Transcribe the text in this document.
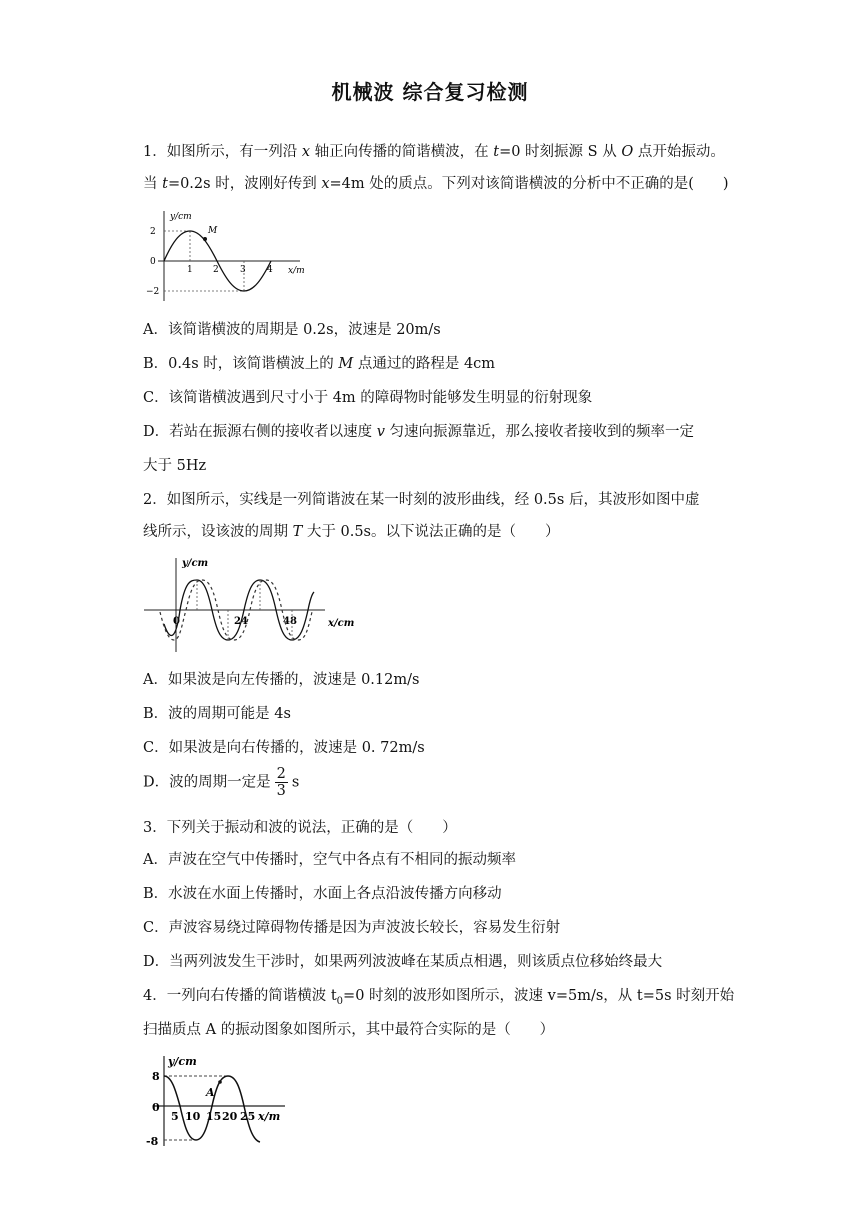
机械波 综合复习检测
1．如图所示，有一列沿 x 轴正向传播的简谐横波，在 t=0 时刻振源 S 从 O 点开始振动。
当 t=0.2s 时，波刚好传到 x=4m 处的质点。下列对该简谐横波的分析中不正确的是(　　)
y/cm
x/m
2
0
−2
1 2 3 4
M
A．该简谐横波的周期是 0.2s，波速是 20m/s
B．0.4s 时，该简谐横波上的 M 点通过的路程是 4cm
C．该简谐横波遇到尺寸小于 4m 的障碍物时能够发生明显的衍射现象
D．若站在振源右侧的接收者以速度 v 匀速向振源靠近，那么接收者接收到的频率一定
大于 5Hz
2．如图所示，实线是一列简谐波在某一时刻的波形曲线，经 0.5s 后，其波形如图中虚
线所示，设该波的周期 T 大于 0.5s。以下说法正确的是（　　）
y/cm
x/cm
0	24	48
A．如果波是向左传播的，波速是 0.12m/s
B．波的周期可能是 4s
C．如果波是向右传播的，波速是 0. 72m/s
D．波的周期一定是 $\frac{2}{3}$ s
3．下列关于振动和波的说法，正确的是（　　）
A．声波在空气中传播时，空气中各点有不相同的振动频率
B．水波在水面上传播时，水面上各点沿波传播方向移动
C．声波容易绕过障碍物传播是因为声波波长较长，容易发生衍射
D．当两列波发生干涉时，如果两列波波峰在某质点相遇，则该质点位移始终最大
4．一列向右传播的简谐横波 $t_0=0$ 时刻的波形如图所示，波速 v=5m/s，从 t=5s 时刻开始
扫描质点 A 的振动图象如图所示，其中最符合实际的是（　　）
y/cm
x/m
8
0
-8
5 10 15 20 25
A
